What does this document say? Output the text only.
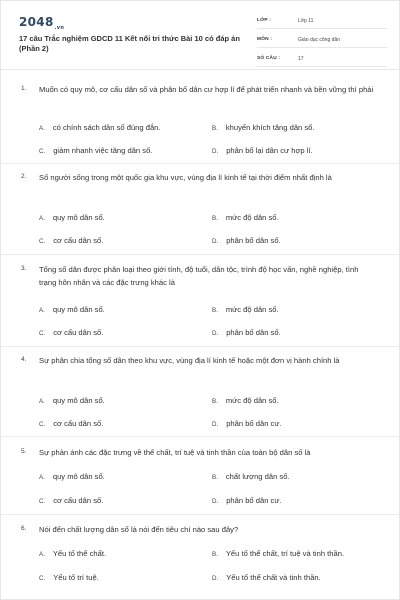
$2048_{.vn}$
17 câu Trắc nghiệm GDCD 11 Kết nối tri thức Bài 10 có đáp án (Phần 2)
LỚP :	Lớp 11
MÔN :	Giáo dục công dân
SỐ CÂU :	17
1. Muốn có quy mô, cơ cấu dân số và phân bố dân cư hợp lí để phát triển nhanh và bền vững thì phải
A. có chính sách dân số đúng đắn.	B. khuyến khích tăng dân số.
C. giảm nhanh việc tăng dân số.	D. phân bố lại dân cư hợp lí.
2. Số người sống trong một quốc gia khu vực, vùng địa lí kinh tế tại thời điểm nhất định là
A. quy mô dân số.	B. mức độ dân số.
C. cơ cấu dân số.	D. phân bố dân số.
3. Tổng số dân được phân loại theo giới tính, độ tuổi, dân tộc, trình độ học vấn, nghề nghiệp, tình trạng hôn nhân và các đặc trưng khác là
A. quy mô dân số.	B. mức độ dân số.
C. cơ cấu dân số.	D. phân bố dân số.
4. Sự phân chia tổng số dân theo khu vực, vùng địa lí kinh tế hoặc một đơn vị hành chính là
A. quy mô dân số.	B. mức độ dân số.
C. cơ cấu dân số.	D. phân bố dân cư.
5. Sự phản ánh các đặc trưng về thể chất, trí tuệ và tinh thần của toàn bộ dân số là
A. quy mô dân số.	B. chất lượng dân số.
C. cơ cấu dân số.	D. phân bố dân cư.
6. Nói đến chất lượng dân số là nói đến tiêu chí nào sau đây?
A. Yếu tố thể chất.	B. Yếu tố thể chất, trí tuệ và tinh thần.
C. Yếu tố trí tuệ.	D. Yếu tố thể chất và tinh thần.
